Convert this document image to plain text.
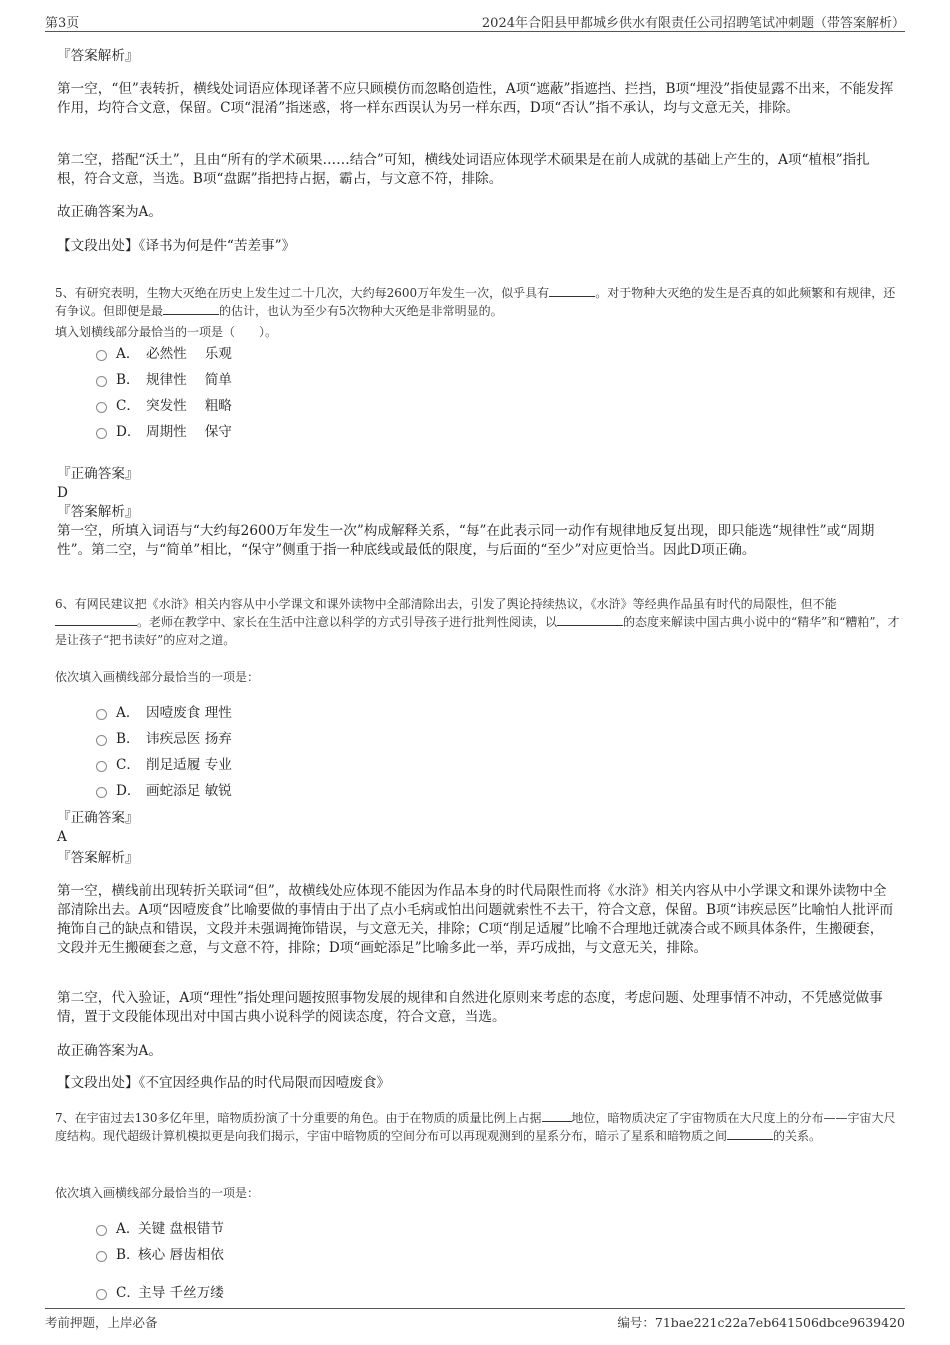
第3页	2024年合阳县甲都城乡供水有限责任公司招聘笔试冲刺题（带答案解析）

『答案解析』

第一空，“但”表转折，横线处词语应体现译著不应只顾模仿而忽略创造性，A项“遮蔽”指遮挡、拦挡，B项“埋没”指使显露不出来，不能发挥作用，均符合文意，保留。C项“混淆”指迷惑，将一样东西误认为另一样东西，D项“否认”指不承认，均与文意无关，排除。

第二空，搭配“沃土”，且由“所有的学术硕果……结合”可知，横线处词语应体现学术硕果是在前人成就的基础上产生的，A项“植根”指扎根，符合文意，当选。B项“盘踞”指把持占据，霸占，与文意不符，排除。

故正确答案为A。

【文段出处】《译书为何是件“苦差事”》

5、有研究表明，生物大灭绝在历史上发生过二十几次，大约每2600万年发生一次，似乎具有	。对于物种大灭绝的发生是否真的如此频繁和有规律，还有争议。但即便是最	的估计，也认为至少有5次物种大灭绝是非常明显的。

填入划横线部分最恰当的一项是（　　）。

A． 必然性　 乐观
B． 规律性　 简单
C． 突发性　 粗略
D． 周期性　 保守

『正确答案』

D

『答案解析』

第一空，所填入词语与“大约每2600万年发生一次”构成解释关系，“每”在此表示同一动作有规律地反复出现，即只能选“规律性”或“周期性”。第二空，与“简单”相比，“保守”侧重于指一种底线或最低的限度，与后面的“至少”对应更恰当。因此D项正确。

6、有网民建议把《水浒》相关内容从中小学课文和课外读物中全部清除出去，引发了舆论持续热议，《水浒》等经典作品虽有时代的局限性，但不能。老师在教学中、家长在生活中注意以科学的方式引导孩子进行批判性阅读，以	的态度来解读中国古典小说中的“精华”和“糟粕”，才是让孩子“把书读好”的应对之道。

依次填入画横线部分最恰当的一项是：

A． 因噎废食 理性
B． 讳疾忌医 扬弃
C． 削足适履 专业
D． 画蛇添足 敏锐

『正确答案』

A

『答案解析』

第一空，横线前出现转折关联词“但”，故横线处应体现不能因为作品本身的时代局限性而将《水浒》相关内容从中小学课文和课外读物中全部清除出去。A项“因噎废食”比喻要做的事情由于出了点小毛病或怕出问题就索性不去干，符合文意，保留。B项“讳疾忌医”比喻怕人批评而掩饰自己的缺点和错误，文段并未强调掩饰错误，与文意无关，排除；C项“削足适履”比喻不合理地迁就凑合或不顾具体条件，生搬硬套，文段并无生搬硬套之意，与文意不符，排除；D项“画蛇添足”比喻多此一举，弄巧成拙，与文意无关，排除。

第二空，代入验证，A项“理性”指处理问题按照事物发展的规律和自然进化原则来考虑的态度，考虑问题、处理事情不冲动，不凭感觉做事情，置于文段能体现出对中国古典小说科学的阅读态度，符合文意，当选。

故正确答案为A。

【文段出处】《不宜因经典作品的时代局限而因噎废食》

7、在宇宙过去130多亿年里，暗物质扮演了十分重要的角色。由于在物质的质量比例上占据	地位，暗物质决定了宇宙物质在大尺度上的分布——宇宙大尺度结构。现代超级计算机模拟更是向我们揭示，宇宙中暗物质的空间分布可以再现观测到的星系分布，暗示了星系和暗物质之间	的关系。

依次填入画横线部分最恰当的一项是：

A．
关键 盘根错节
B．
核心 唇齿相依
C．
主导 千丝万缕
考前押题，上岸必备	编号：71bae221c22a7eb641506dbce9639420
